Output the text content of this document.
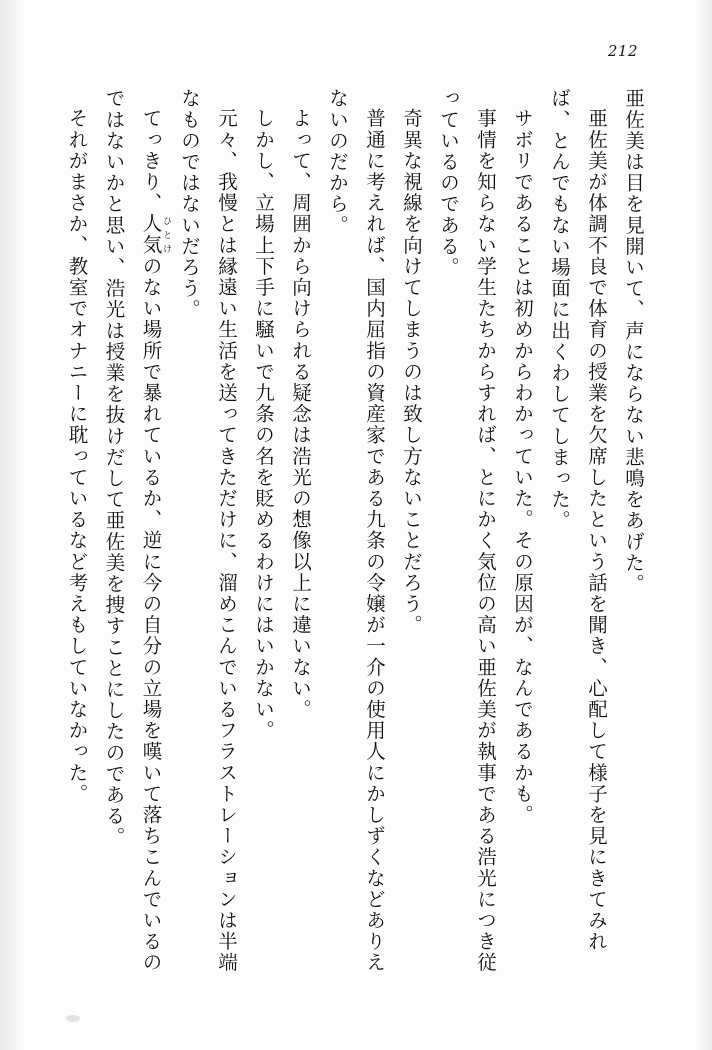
212

亜佐美は目を見開いて、声にならない悲鳴をあげた。

亜佐美が体調不良で体育の授業を欠席したという話を聞き、心配して様子を見にきてみれば、とんでもない場面に出くわしてしまった。

サボリであることは初めからわかっていた。その原因が、なんであるかも。

事情を知らない学生たちからすれば、とにかく気位の高い亜佐美が執事である浩光につき従っているのである。

奇異な視線を向けてしまうのは致し方ないことだろう。

普通に考えれば、国内屈指の資産家である九条の令嬢が一介の使用人にかしずくなどありえないのだから。

よって、周囲から向けられる疑念は浩光の想像以上に違いない。

しかし、立場上下手に騒いで九条の名を貶めるわけにはいかない。

元々、我慢とは縁遠い生活を送ってきただけに、溜めこんでいるフラストレーションは半端なものではないだろう。

てっきり、人気ひとけのない場所で暴れているか、逆に今の自分の立場を嘆いて落ちこんでいるのではないかと思い、浩光は授業を抜けだして亜佐美を捜すことにしたのである。

それがまさか、教室でオナニーに耽っているなど考えもしていなかった。
